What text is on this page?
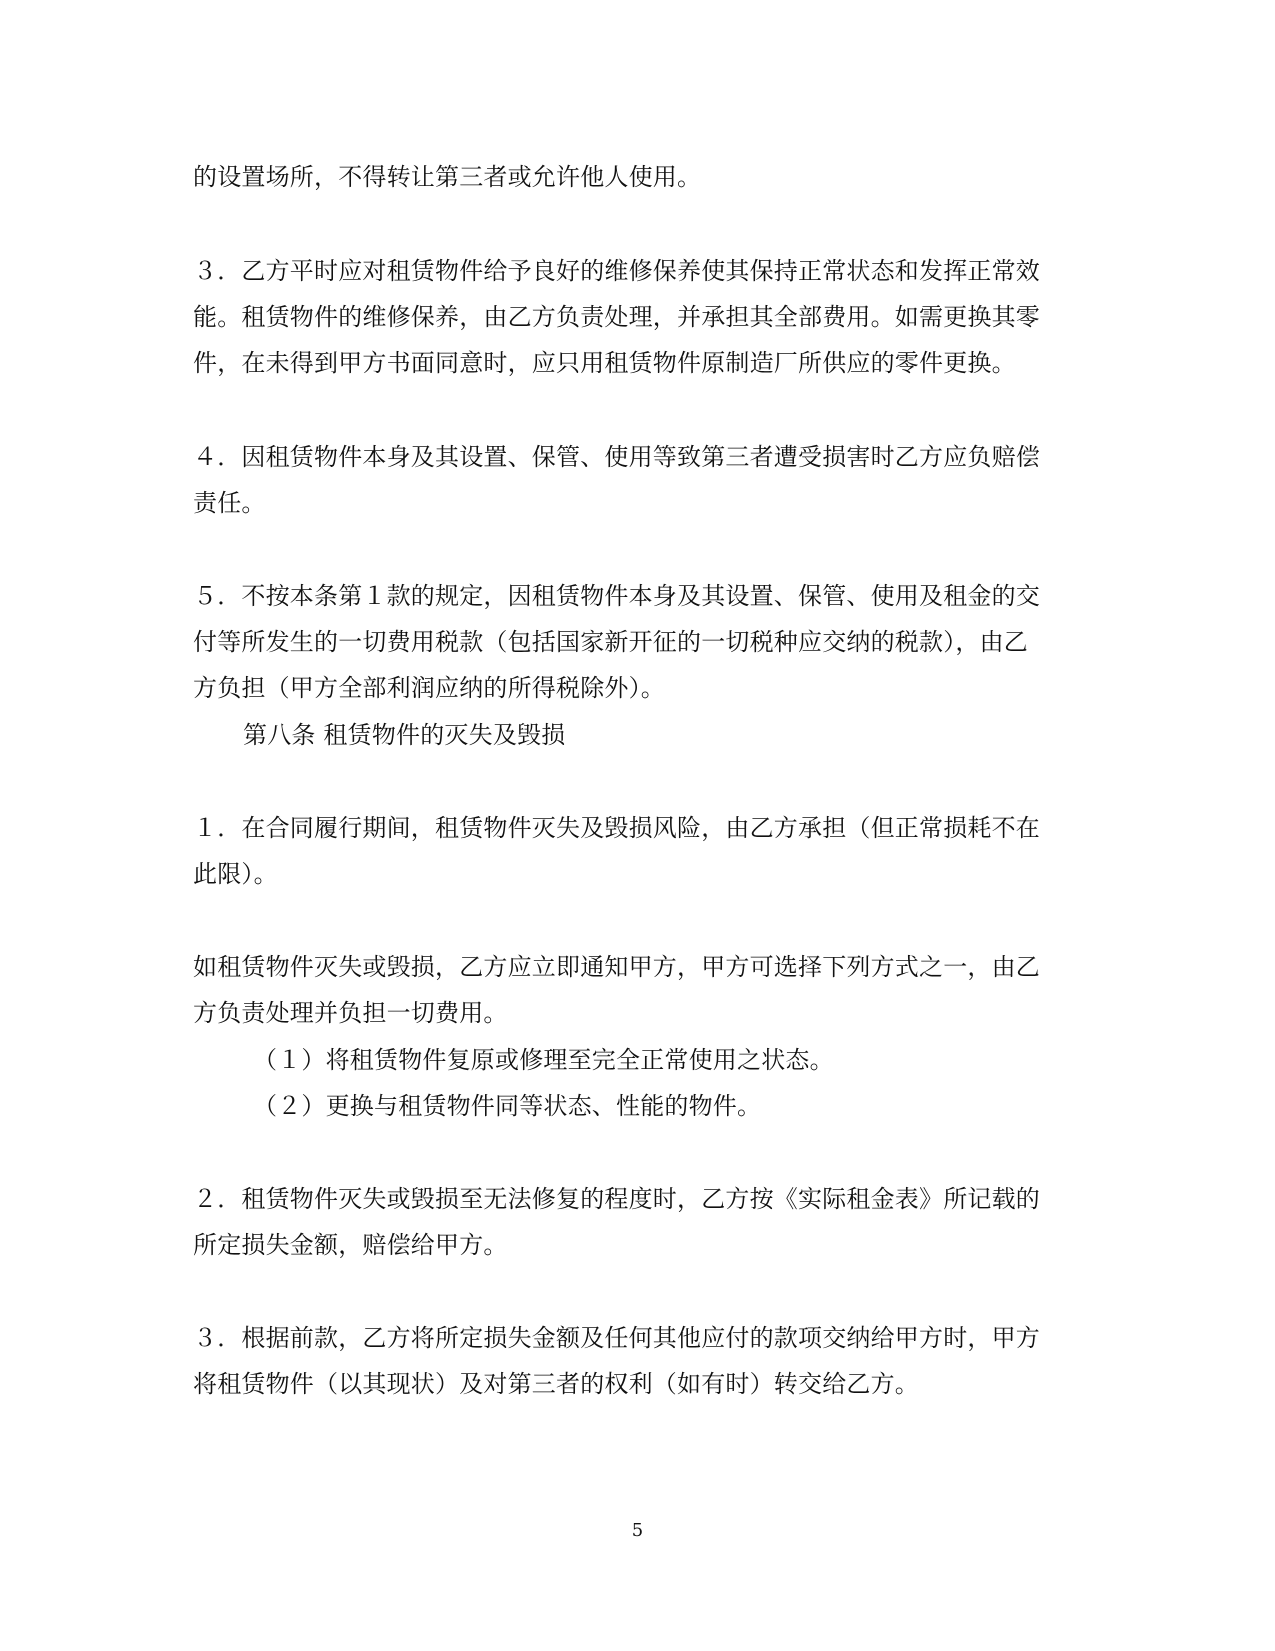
的设置场所，不得转让第三者或允许他人使用。
３．乙方平时应对租赁物件给予良好的维修保养使其保持正常状态和发挥正常效
能。租赁物件的维修保养，由乙方负责处理，并承担其全部费用。如需更换其零
件，在未得到甲方书面同意时，应只用租赁物件原制造厂所供应的零件更换。
４．因租赁物件本身及其设置、保管、使用等致第三者遭受损害时乙方应负赔偿
责任。
５．不按本条第１款的规定，因租赁物件本身及其设置、保管、使用及租金的交
付等所发生的一切费用税款（包括国家新开征的一切税种应交纳的税款），由乙
方负担（甲方全部利润应纳的所得税除外）。
第八条 租赁物件的灭失及毁损
１．在合同履行期间，租赁物件灭失及毁损风险，由乙方承担（但正常损耗不在
此限）。
如租赁物件灭失或毁损，乙方应立即通知甲方，甲方可选择下列方式之一，由乙
方负责处理并负担一切费用。
（１）将租赁物件复原或修理至完全正常使用之状态。
（２）更换与租赁物件同等状态、性能的物件。
２．租赁物件灭失或毁损至无法修复的程度时，乙方按《实际租金表》所记载的
所定损失金额，赔偿给甲方。
３．根据前款，乙方将所定损失金额及任何其他应付的款项交纳给甲方时，甲方
将租赁物件（以其现状）及对第三者的权利（如有时）转交给乙方。
5
